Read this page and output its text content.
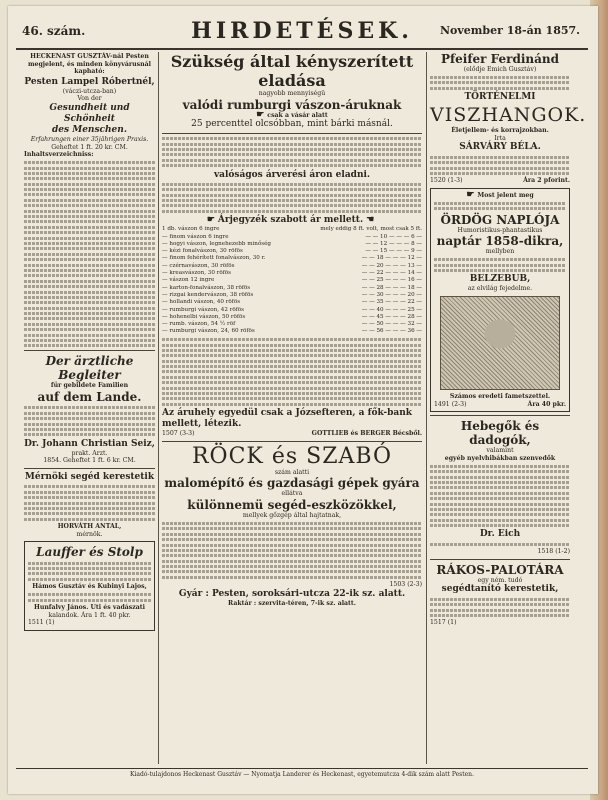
46. szám.	HIRDETÉSEK.	November 18-án 1857.

HECKENAST GUSZTÁV-nál Pesten megjelent, és minden könyvárusnál kapható:

Pesten Lampel Róbertnél,
(váczi-utcza-ban)
Von der
Gesundheit und Schönheit
des Menschen.
Erfahrungen einer 35jährigen Praxis.
Geheftet 1 ft. 20 kr. CM.
Inhaltsverzeichniss:
Der ärztliche Begleiter
für gebildete Familien
auf dem Lande.
Dr. Johann Christian Seiz,
prakt. Arzt.
1854. Geheftet 1 ft. 6 kr. CM.
Mérnöki segéd kerestetik
HORVÁTH ANTAL,
mérnök.
Lauffer és Stolp
Hámos Gusztáv és Kubinyi Lajos,
Hunfalvy János. Uti és vadászati
kalandok. Ára 1 ft. 40 pkr.
1511 (1)
Szükség által kényszerített eladása
nagyobb mennyiségü
valódi rumburgi vászon-áruknak
☛ csak a vásár alatt
25 percenttel olcsóbban, mint bárki másnál.
valóságos árverési áron eladni.
☛ Árjegyzék szabott ár mellett. ☚
1 db. vászon 6 ingre	mely eddig 8 ft. volt, most csak 5 ft.
— finom vászon 6 ingre	— — 10 — — — 6 —
— hogyi vászon, legnehezebb minőség	— — 12 — — — 8 —
— kézi fonalvászon, 30 röfös	— — 15 — — — 9 —
— finom fehérített fonalvászon, 30 r.	— — 18 — — — 12 —
— czérnavászon, 30 röfös	— — 20 — — — 13 —
— kreasvászon, 30 röfös	— — 22 — — — 14 —
— vászon 12 ingre	— — 25 — — — 16 —
— karton-fonalvászon, 38 röfös	— — 28 — — — 18 —
— rizgai kendervászon, 38 röfös	— — 30 — — — 20 —
— hollandi vászon, 40 röfös	— — 35 — — — 22 —
— rumburgi vászon, 42 röfös	— — 40 — — — 25 —
— hohenelbi vászon, 50 röfös	— — 45 — — — 28 —
— rumb. vászon, 54 ½ röf	— — 50 — — — 32 —
— rumburgi vászon, 24, 60 röfös	— — 56 — — — 36 —
Az áruhely egyedül csak a Józsefteren, a fők-bank mellett, létezik.
1507 (3-3)	GOTTLIEB és BERGER Bécsből.
RÖCK és SZABÓ
szám alatti
malomépítő és gazdasági gépek gyára
ellátva
különnemü segéd-eszközökkel,
mellyek gőzgép által hajtatnak,
1503 (2-3)
Gyár : Pesten, soroksári-utcza 22-ik sz. alatt.
Raktár : szervita-téren, 7-ik sz. alatt.
Pfeifer Ferdinánd
(elődje Emich Gusztáv)
TÖRTÉNELMI
VISZHANGOK.
Életjellem- és korrajzokban.
Irta
SÁRVÁRY BÉLA.
1520 (1-3)	Ára 2 pforint.
☛ Most jelent meg
ÖRDÖG NAPLÓJA
Humoristikus-phantastikus
naptár 1858-dikra,
mellyben
BELZEBUB,
az elvilág fejedelme.
Számos eredeti fametszettel.
1491 (2-3)	Ára 40 pkr.
Hebegők és dadogók,
valamint
egyéb nyelvhibákban szenvedők
Dr. Eich
1518 (1-2)
RÁKOS-PALOTÁRA
egy ném. tudó
segédtanító kerestetik,
1517 (1)
Kiadó-tulajdonos Heckenast Gusztáv — Nyomatja Landerer és Heckenast, egyetemutcza 4-dik szám alatt Pesten.
